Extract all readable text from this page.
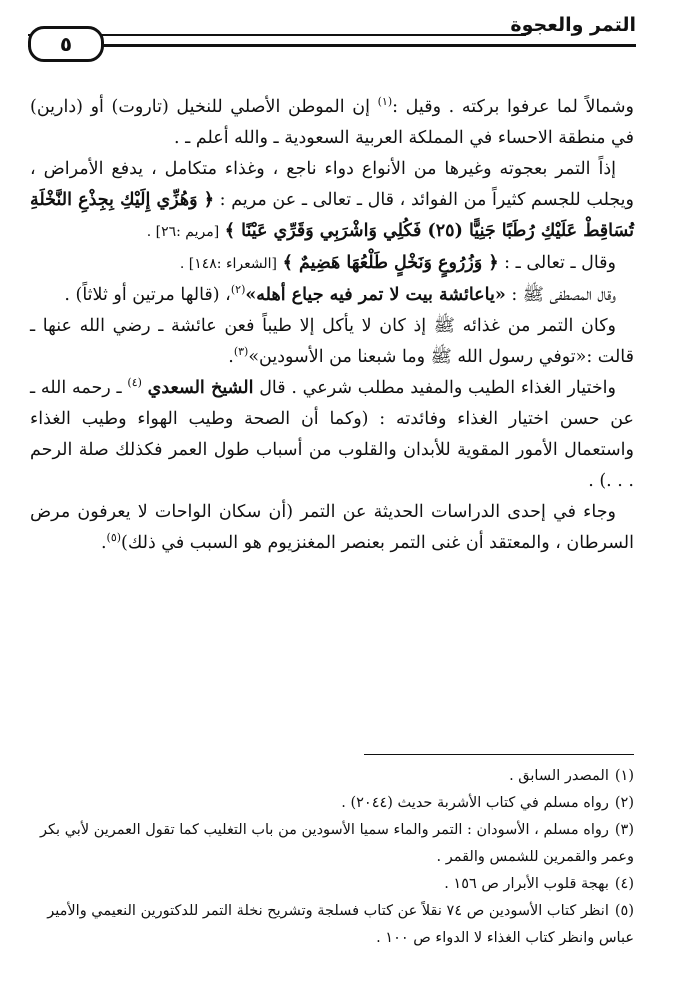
التمر والعجوة
٥

وشمالاً لما عرفوا بركته . وقيل :$^{(١)}$ إن الموطن الأصلي للنخيل (تاروت) أو (دارين) في منطقة الاحساء في المملكة العربية السعودية ـ والله أعلم ـ .

إذاً التمر بعجوته وغيرها من الأنواع دواء ناجع ، وغذاء متكامل ، يدفع الأمراض ، ويجلب للجسم كثيراً من الفوائد ، قال ـ تعالى ـ عن مريم : ﴿ وَهُزِّي إِلَيْكِ بِجِذْعِ النَّخْلَةِ تُسَاقِطْ عَلَيْكِ رُطَبًا جَنِيًّا (٢٥) فَكُلِي وَاشْرَبِي وَقَرِّي عَيْنًا ﴾ [مريم :٢٦] .

وقال ـ تعالى ـ : ﴿ وَزُرُوعٍ وَنَخْلٍ طَلْعُهَا هَضِيمٌ ﴾ [الشعراء :١٤٨] .

وقال المصطفى ﷺ : «ياعائشة بيت لا تمر فيه جياع أهله»$^{(٢)}$، (قالها مرتين أو ثلاثاً) .

وكان التمر من غذائه ﷺ إذ كان لا يأكل إلا طيباً فعن عائشة ـ رضي الله عنها ـ قالت :«توفي رسول الله ﷺ وما شبعنا من الأسودين»$^{(٣)}$.

واختيار الغذاء الطيب والمفيد مطلب شرعي . قال الشيخ السعدي $^{(٤)}$ ـ رحمه الله ـ عن حسن اختيار الغذاء وفائدته : (وكما أن الصحة وطيب الهواء وطيب الغذاء واستعمال الأمور المقوية للأبدان والقلوب من أسباب طول العمر فكذلك صلة الرحم . . .) .

وجاء في إحدى الدراسات الحديثة عن التمر (أن سكان الواحات لا يعرفون مرض السرطان ، والمعتقد أن غنى التمر بعنصر المغنزيوم هو السبب في ذلك)$^{(٥)}$.

(١)المصدر السابق .

(٢)رواه مسلم في كتاب الأشربة حديث (٢٠٤٤) .

(٣)رواه مسلم ، الأسودان : التمر والماء سميا الأسودين من باب التغليب كما تقول العمرين لأبي بكر وعمر والقمرين للشمس والقمر .

(٤)بهجة قلوب الأبرار ص ١٥٦ .

(٥)انظر كتاب الأسودين ص ٧٤ نقلاً عن كتاب فسلجة وتشريح نخلة التمر للدكتورين النعيمي والأمير عباس وانظر كتاب الغذاء لا الدواء ص ١٠٠ .
